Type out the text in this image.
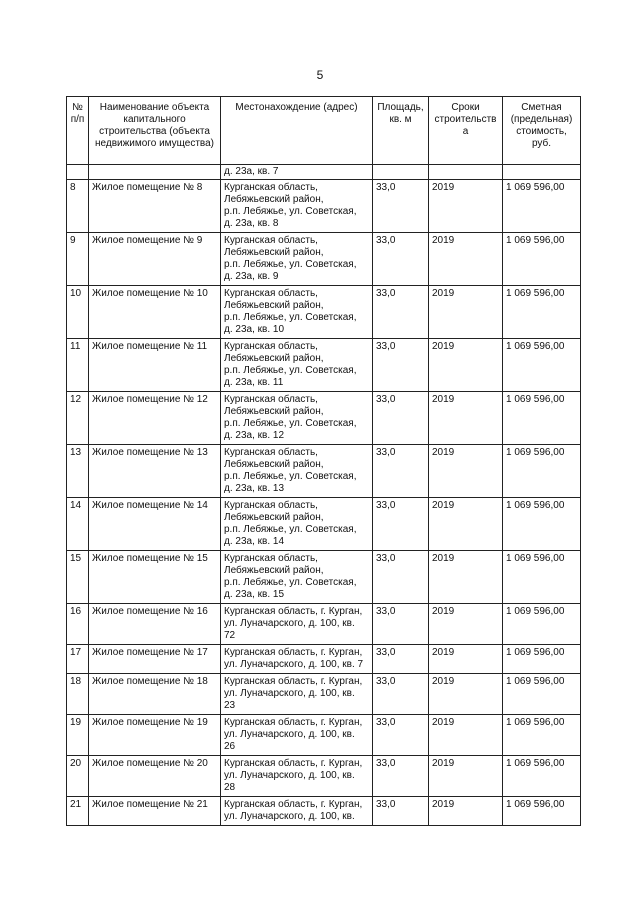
5
№ п/п	Наименование объекта капитального строительства (объекта недвижимого имущества)	Местонахождение (адрес)	Площадь, кв. м	Сроки строительства	Сметная (предельная) стоимость, руб.
		д. 23а, кв. 7			
8	Жилое помещение № 8	Курганская область,
Лебяжьевский район,
р.п. Лебяжье, ул. Советская,
д. 23а, кв. 8	33,0	2019	1 069 596,00
9	Жилое помещение № 9	Курганская область,
Лебяжьевский район,
р.п. Лебяжье, ул. Советская,
д. 23а, кв. 9	33,0	2019	1 069 596,00
10	Жилое помещение № 10	Курганская область,
Лебяжьевский район,
р.п. Лебяжье, ул. Советская,
д. 23а, кв. 10	33,0	2019	1 069 596,00
11	Жилое помещение № 11	Курганская область,
Лебяжьевский район,
р.п. Лебяжье, ул. Советская,
д. 23а, кв. 11	33,0	2019	1 069 596,00
12	Жилое помещение № 12	Курганская область,
Лебяжьевский район,
р.п. Лебяжье, ул. Советская,
д. 23а, кв. 12	33,0	2019	1 069 596,00
13	Жилое помещение № 13	Курганская область,
Лебяжьевский район,
р.п. Лебяжье, ул. Советская,
д. 23а, кв. 13	33,0	2019	1 069 596,00
14	Жилое помещение № 14	Курганская область,
Лебяжьевский район,
р.п. Лебяжье, ул. Советская,
д. 23а, кв. 14	33,0	2019	1 069 596,00
15	Жилое помещение № 15	Курганская область,
Лебяжьевский район,
р.п. Лебяжье, ул. Советская,
д. 23а, кв. 15	33,0	2019	1 069 596,00
16	Жилое помещение № 16	Курганская область, г. Курган,
ул. Луначарского, д. 100, кв.
72	33,0	2019	1 069 596,00
17	Жилое помещение № 17	Курганская область, г. Курган,
ул. Луначарского, д. 100, кв. 7	33,0	2019	1 069 596,00
18	Жилое помещение № 18	Курганская область, г. Курган,
ул. Луначарского, д. 100, кв.
23	33,0	2019	1 069 596,00
19	Жилое помещение № 19	Курганская область, г. Курган,
ул. Луначарского, д. 100, кв.
26	33,0	2019	1 069 596,00
20	Жилое помещение № 20	Курганская область, г. Курган,
ул. Луначарского, д. 100, кв.
28	33,0	2019	1 069 596,00
21	Жилое помещение № 21	Курганская область, г. Курган,
ул. Луначарского, д. 100, кв.	33,0	2019	1 069 596,00
